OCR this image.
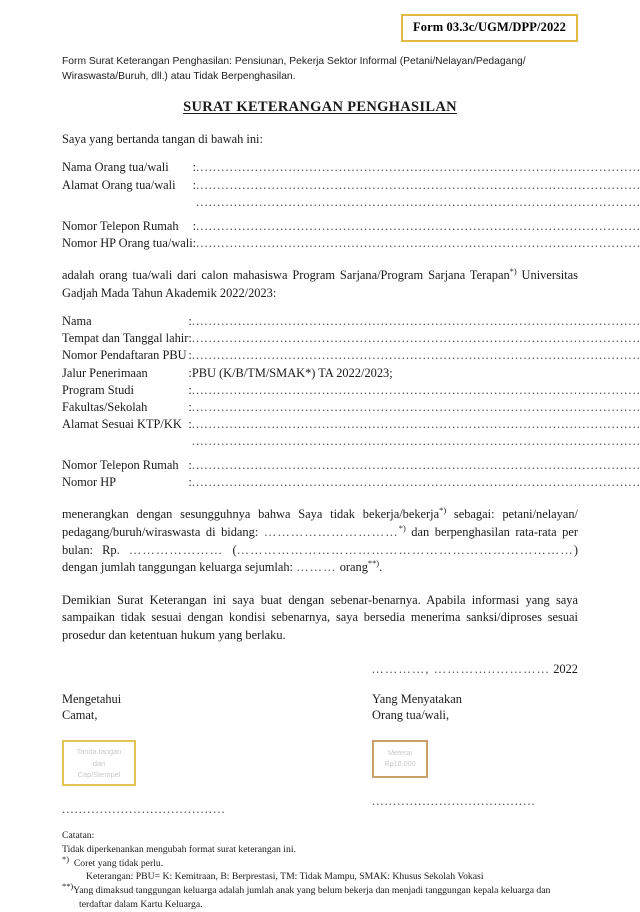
Form 03.3c/UGM/DPP/2022
Form Surat Keterangan Penghasilan: Pensiunan, Pekerja Sektor Informal (Petani/Nelayan/Pedagang/ Wiraswasta/Buruh, dll.) atau Tidak Berpenghasilan.
SURAT KETERANGAN PENGHASILAN
Saya yang bertanda tangan di bawah ini:
Nama Orang tua/wali	:	
.....

Alamat Orang tua/wali	:	
.....

.....

Nomor Telepon Rumah	:	
.....

Nomor HP Orang tua/wali	:	
.....
adalah orang tua/wali dari calon mahasiswa Program Sarjana/Program Sarjana Terapan*) Universitas Gadjah Mada Tahun Akademik 2022/2023:
Nama	:	
.....

Tempat dan Tanggal lahir	:	
.....

Nomor Pendaftaran PBU	:	
.....

Jalur Penerimaan	:	PBU (K/B/TM/SMAK*) TA 2022/2023;
Program Studi	:	
.....

Fakultas/Sekolah	:	
.....

Alamat Sesuai KTP/KK	:	
.....

.....

Nomor Telepon Rumah	:	
.....

Nomor HP	:	
.....
menerangkan dengan sesungguhnya bahwa Saya tidak bekerja/bekerja*) sebagai: petani/nelayan/ pedagang/buruh/wiraswasta di bidang: …………………………*) dan berpenghasilan rata-rata per bulan: Rp. ………………… (…………………………………………………………………) dengan jumlah tanggungan keluarga sejumlah: ……… orang**).
Demikian Surat Keterangan ini saya buat dengan sebenar-benarnya. Apabila informasi yang saya sampaikan tidak sesuai dengan kondisi sebenarnya, saya bersedia menerima sanksi/diproses sesuai prosedur dan ketentuan hukum yang berlaku.
…………, …………..………… 2022
Mengetahui
Camat,
Tanda tangan
dan
Cap/Stempel
.......................................
Yang Menyatakan
Orang tua/wali,
Meterai
Rp10.000
.......................................
Catatan:
Tidak diperkenankan mengubah format surat keterangan ini.
*) Coret yang tidak perlu.
Keterangan: PBU= K: Kemitraan, B: Berprestasi, TM: Tidak Mampu, SMAK: Khusus Sekolah Vokasi
**)Yang dimaksud tanggungan keluarga adalah jumlah anak yang belum bekerja dan menjadi tanggungan kepala keluarga dan terdaftar dalam Kartu Keluarga.
